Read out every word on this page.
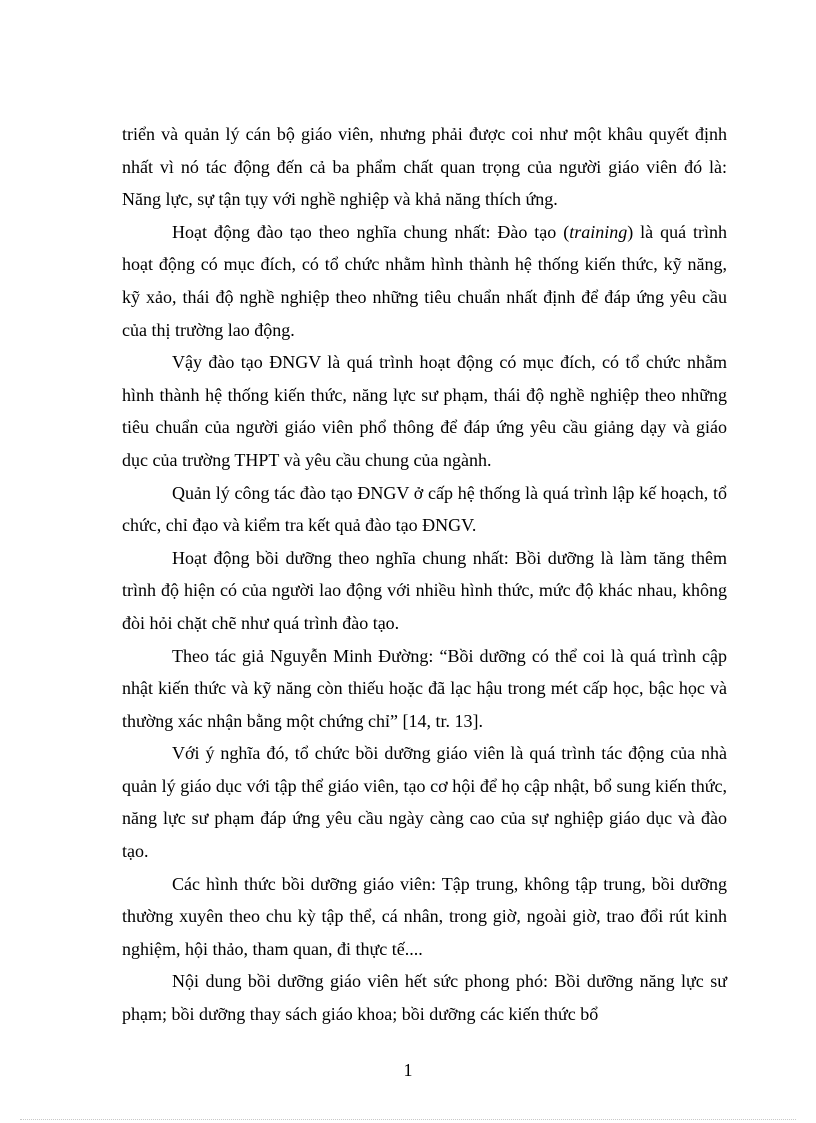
triển và quản lý cán bộ giáo viên, nhưng phải được coi như một khâu quyết định nhất vì nó tác động đến cả ba phẩm chất quan trọng của người giáo viên đó là: Năng lực, sự tận tụy với nghề nghiệp và khả năng thích ứng.

Hoạt động đào tạo theo nghĩa chung nhất: Đào tạo (training) là quá trình hoạt động có mục đích, có tổ chức nhằm hình thành hệ thống kiến thức, kỹ năng, kỹ xảo, thái độ nghề nghiệp theo những tiêu chuẩn nhất định để đáp ứng yêu cầu của thị trường lao động.

Vậy đào tạo ĐNGV là quá trình hoạt động có mục đích, có tổ chức nhằm hình thành hệ thống kiến thức, năng lực sư phạm, thái độ nghề nghiệp theo những tiêu chuẩn của người giáo viên phổ thông để đáp ứng yêu cầu giảng dạy và giáo dục của trường THPT và yêu cầu chung của ngành.

Quản lý công tác đào tạo ĐNGV ở cấp hệ thống là quá trình lập kế hoạch, tổ chức, chỉ đạo và kiểm tra kết quả đào tạo ĐNGV.

Hoạt động bồi dưỡng theo nghĩa chung nhất: Bồi dưỡng là làm tăng thêm trình độ hiện có của người lao động với nhiều hình thức, mức độ khác nhau, không đòi hỏi chặt chẽ như quá trình đào tạo.

Theo tác giả Nguyễn Minh Đường: “Bồi dưỡng có thể coi là quá trình cập nhật kiến thức và kỹ năng còn thiếu hoặc đã lạc hậu trong mét cấp học, bậc học và thường xác nhận bằng một chứng chỉ” [14, tr. 13].

Với ý nghĩa đó, tổ chức bồi dưỡng giáo viên là quá trình tác động của nhà quản lý giáo dục với tập thể giáo viên, tạo cơ hội để họ cập nhật, bổ sung kiến thức, năng lực sư phạm đáp ứng yêu cầu ngày càng cao của sự nghiệp giáo dục và đào tạo.

Các hình thức bồi dưỡng giáo viên: Tập trung, không tập trung, bồi dưỡng thường xuyên theo chu kỳ tập thể, cá nhân, trong giờ, ngoài giờ, trao đổi rút kinh nghiệm, hội thảo, tham quan, đi thực tế....

Nội dung bồi dưỡng giáo viên hết sức phong phó: Bồi dưỡng năng lực sư phạm; bồi dưỡng thay sách giáo khoa; bồi dưỡng các kiến thức bổ

1
